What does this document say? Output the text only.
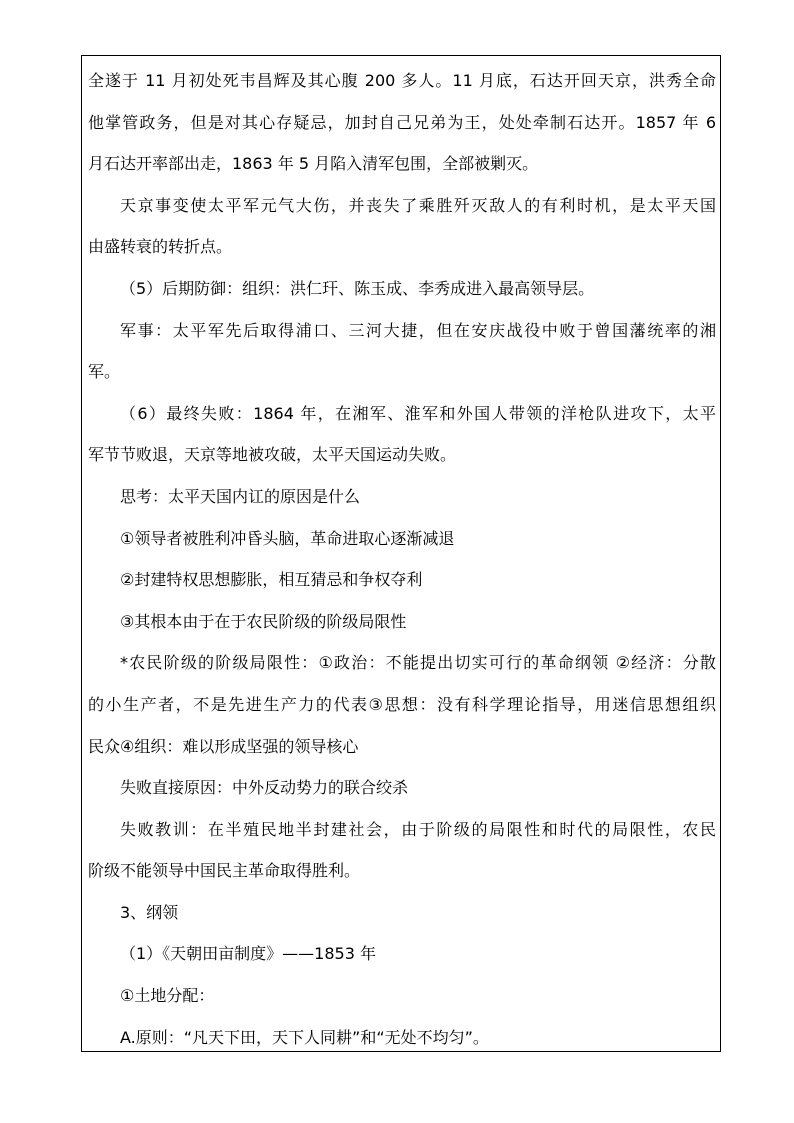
全遂于 11 月初处死韦昌辉及其心腹 200 多人。11 月底，石达开回天京，洪秀全命
他掌管政务，但是对其心存疑忌，加封自己兄弟为王，处处牵制石达开。1857 年 6
月石达开率部出走，1863 年 5 月陷入清军包围，全部被剿灭。
天京事变使太平军元气大伤，并丧失了乘胜歼灭敌人的有利时机，是太平天国
由盛转衰的转折点。
（5）后期防御：组织：洪仁玕、陈玉成、李秀成进入最高领导层。
军事：太平军先后取得浦口、三河大捷，但在安庆战役中败于曾国藩统率的湘
军。
（6）最终失败：1864 年，在湘军、淮军和外国人带领的洋枪队进攻下，太平
军节节败退，天京等地被攻破，太平天国运动失败。
思考：太平天国内讧的原因是什么
①领导者被胜利冲昏头脑，革命进取心逐渐减退
②封建特权思想膨胀，相互猜忌和争权夺利
③其根本由于在于农民阶级的阶级局限性
*农民阶级的阶级局限性：①政治：不能提出切实可行的革命纲领 ②经济：分散
的小生产者，不是先进生产力的代表③思想：没有科学理论指导，用迷信思想组织
民众④组织：难以形成坚强的领导核心
失败直接原因：中外反动势力的联合绞杀
失败教训：在半殖民地半封建社会，由于阶级的局限性和时代的局限性，农民
阶级不能领导中国民主革命取得胜利。
3、纲领
（1）《天朝田亩制度》——1853 年
①土地分配：
A.原则：“凡天下田，天下人同耕”和“无处不均匀”。
